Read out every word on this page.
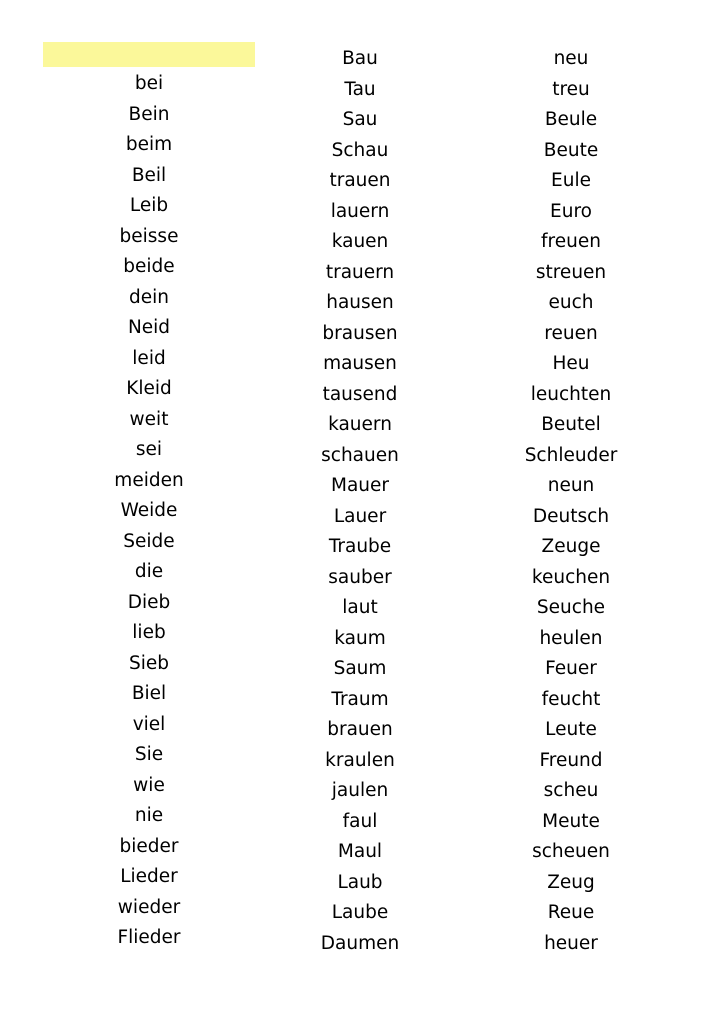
bei
Bein
beim
Beil
Leib
beisse
beide
dein
Neid
leid
Kleid
weit
sei
meiden
Weide
Seide
die
Dieb
lieb
Sieb
Biel
viel
Sie
wie
nie
bieder
Lieder
wieder
Flieder
Bau
Tau
Sau
Schau
trauen
lauern
kauen
trauern
hausen
brausen
mausen
tausend
kauern
schauen
Mauer
Lauer
Traube
sauber
laut
kaum
Saum
Traum
brauen
kraulen
jaulen
faul
Maul
Laub
Laube
Daumen
neu
treu
Beule
Beute
Eule
Euro
freuen
streuen
euch
reuen
Heu
leuchten
Beutel
Schleuder
neun
Deutsch
Zeuge
keuchen
Seuche
heulen
Feuer
feucht
Leute
Freund
scheu
Meute
scheuen
Zeug
Reue
heuer
